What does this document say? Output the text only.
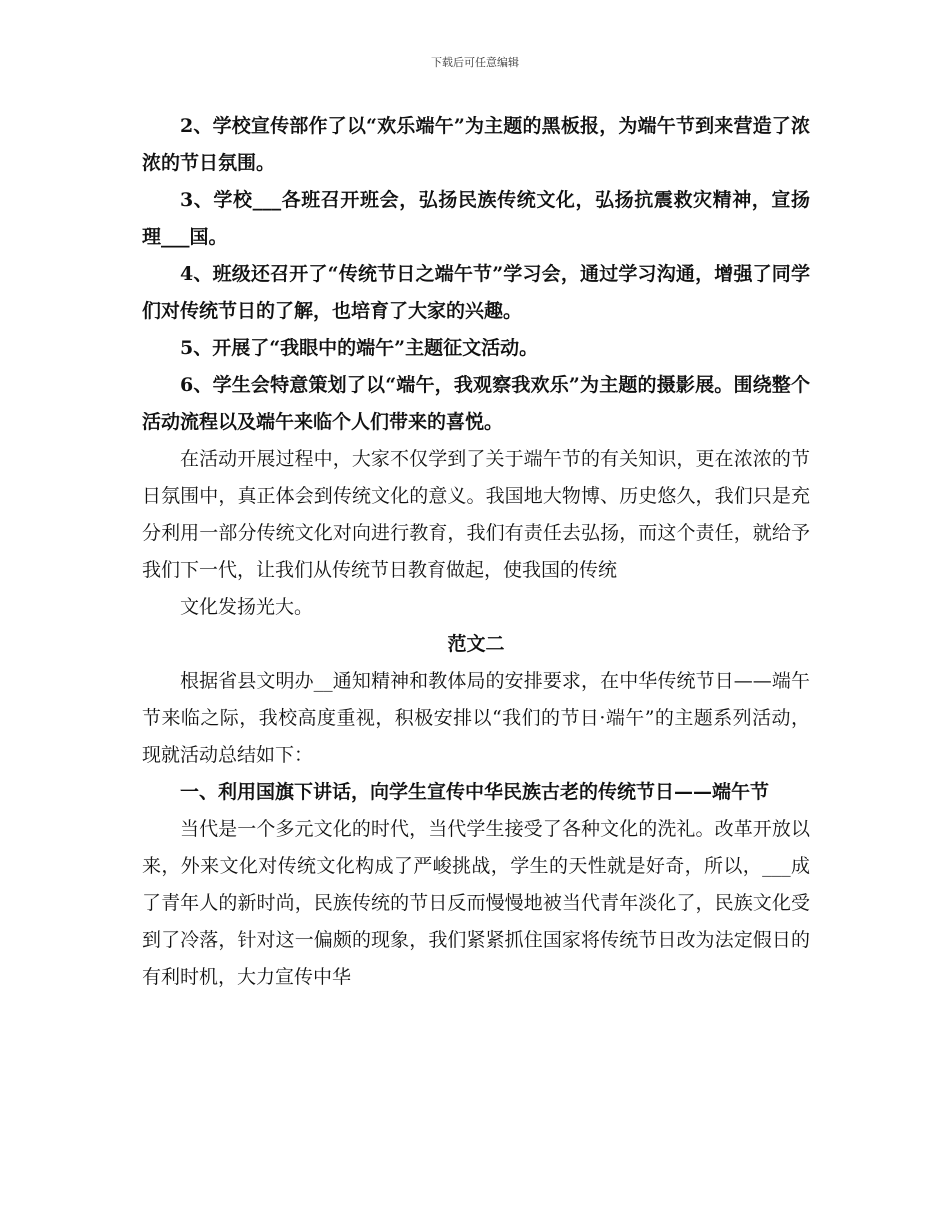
下载后可任意编辑

2、学校宣传部作了以“欢乐端午”为主题的黑板报，为端午节到来营造了浓浓的节日氛围。

3、学校___各班召开班会，弘扬民族传统文化，弘扬抗震救灾精神，宣扬理___国。

4、班级还召开了“传统节日之端午节”学习会，通过学习沟通，增强了同学们对传统节日的了解，也培育了大家的兴趣。

5、开展了“我眼中的端午”主题征文活动。

6、学生会特意策划了以“端午，我观察我欢乐”为主题的摄影展。围绕整个活动流程以及端午来临个人们带来的喜悦。

在活动开展过程中，大家不仅学到了关于端午节的有关知识，更在浓浓的节日氛围中，真正体会到传统文化的意义。我国地大物博、历史悠久，我们只是充分利用一部分传统文化对向进行教育，我们有责任去弘扬，而这个责任，就给予我们下一代，让我们从传统节日教育做起，使我国的传统

文化发扬光大。

范文二

根据省县文明办__通知精神和教体局的安排要求，在中华传统节日——端午节来临之际，我校高度重视，积极安排以“我们的节日·端午”的主题系列活动，现就活动总结如下：

一、利用国旗下讲话，向学生宣传中华民族古老的传统节日——端午节

当代是一个多元文化的时代，当代学生接受了各种文化的洗礼。改革开放以来，外来文化对传统文化构成了严峻挑战，学生的天性就是好奇，所以，___成了青年人的新时尚，民族传统的节日反而慢慢地被当代青年淡化了，民族文化受到了冷落，针对这一偏颇的现象，我们紧紧抓住国家将传统节日改为法定假日的有利时机，大力宣传中华
